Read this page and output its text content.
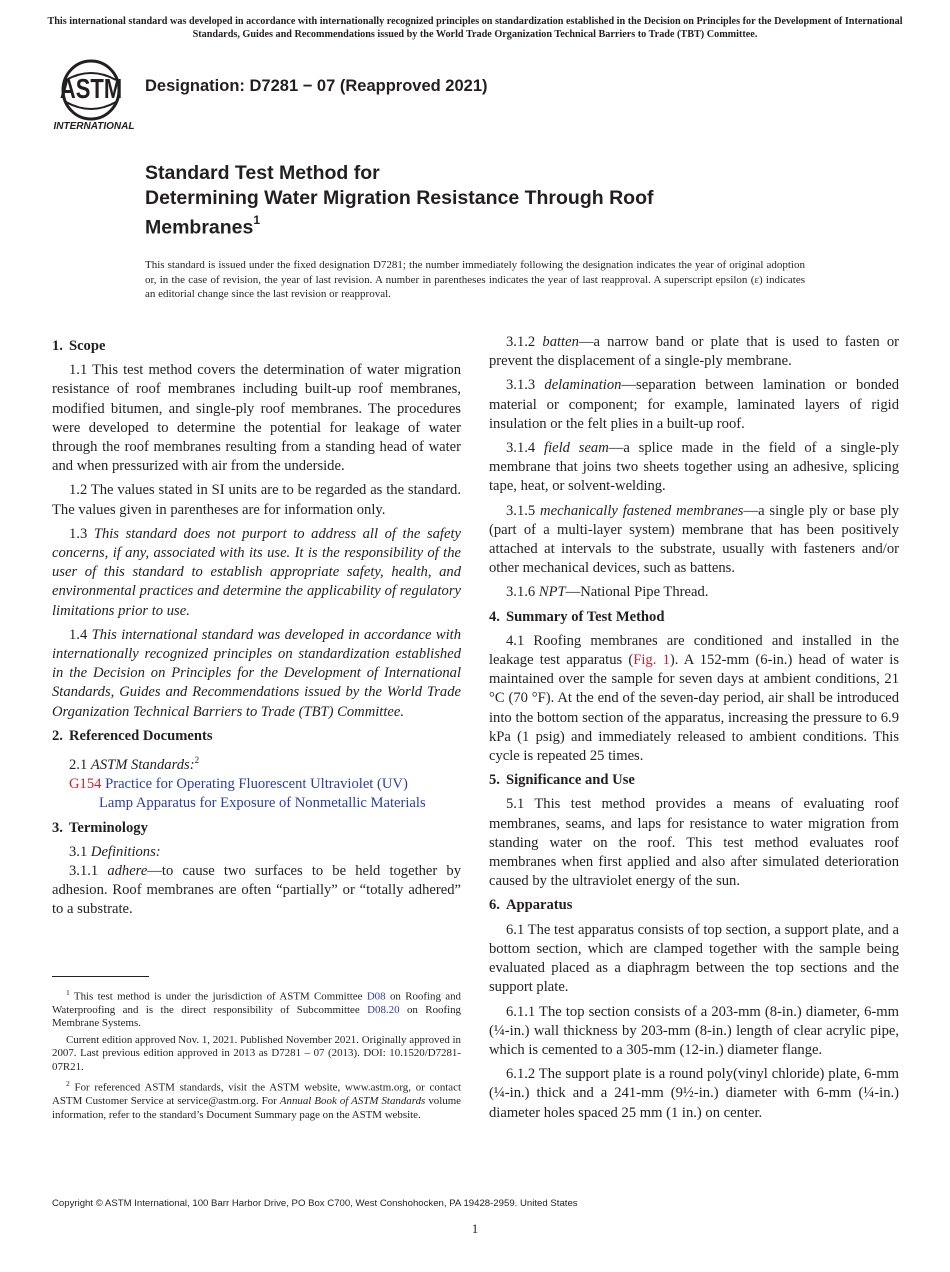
This international standard was developed in accordance with internationally recognized principles on standardization established in the Decision on Principles for the Development of International Standards, Guides and Recommendations issued by the World Trade Organization Technical Barriers to Trade (TBT) Committee.
ASTM
INTERNATIONAL
Designation: D7281 − 07 (Reapproved 2021)
Standard Test Method for
Determining Water Migration Resistance Through Roof
Membranes$^1$
This standard is issued under the fixed designation D7281; the number immediately following the designation indicates the year of original adoption or, in the case of revision, the year of last revision. A number in parentheses indicates the year of last reapproval. A superscript epsilon (ε) indicates an editorial change since the last revision or reapproval.
1. Scope

1.1 This test method covers the determination of water migration resistance of roof membranes including built-up roof membranes, modified bitumen, and single-ply roof membranes. The procedures were developed to determine the potential for leakage of water through the roof membranes resulting from a standing head of water and when pressurized with air from the underside.

1.2 The values stated in SI units are to be regarded as the standard. The values given in parentheses are for information only.

1.3 This standard does not purport to address all of the safety concerns, if any, associated with its use. It is the responsibility of the user of this standard to establish appropriate safety, health, and environmental practices and determine the applicability of regulatory limitations prior to use.

1.4 This international standard was developed in accordance with internationally recognized principles on standardization established in the Decision on Principles for the Development of International Standards, Guides and Recommendations issued by the World Trade Organization Technical Barriers to Trade (TBT) Committee.

2. Referenced Documents

2.1 ASTM Standards:$^2$

G154 Practice for Operating Fluorescent Ultraviolet (UV)
Lamp Apparatus for Exposure of Nonmetallic Materials
3. Terminology

3.1 Definitions:

3.1.1 adhere—to cause two surfaces to be held together by adhesion. Roof membranes are often “partially” or “totally adhered” to a substrate.

$^1$ This test method is under the jurisdiction of ASTM Committee D08 on Roofing and Waterproofing and is the direct responsibility of Subcommittee D08.20 on Roofing Membrane Systems.

Current edition approved Nov. 1, 2021. Published November 2021. Originally approved in 2007. Last previous edition approved in 2013 as D7281 – 07 (2013). DOI: 10.1520/D7281-07R21.

$^2$ For referenced ASTM standards, visit the ASTM website, www.astm.org, or contact ASTM Customer Service at service@astm.org. For Annual Book of ASTM Standards volume information, refer to the standard’s Document Summary page on the ASTM website.

3.1.2 batten—a narrow band or plate that is used to fasten or prevent the displacement of a single-ply membrane.

3.1.3 delamination—separation between lamination or bonded material or component; for example, laminated layers of rigid insulation or the felt plies in a built-up roof.

3.1.4 field seam—a splice made in the field of a single-ply membrane that joins two sheets together using an adhesive, splicing tape, heat, or solvent-welding.

3.1.5 mechanically fastened membranes—a single ply or base ply (part of a multi-layer system) membrane that has been positively attached at intervals to the substrate, usually with fasteners and/or other mechanical devices, such as battens.

3.1.6 NPT—National Pipe Thread.

4. Summary of Test Method

4.1 Roofing membranes are conditioned and installed in the leakage test apparatus (Fig. 1). A 152-mm (6-in.) head of water is maintained over the sample for seven days at ambient conditions, 21 °C (70 °F). At the end of the seven-day period, air shall be introduced into the bottom section of the apparatus, increasing the pressure to 6.9 kPa (1 psig) and immediately released to ambient conditions. This cycle is repeated 25 times.

5. Significance and Use

5.1 This test method provides a means of evaluating roof membranes, seams, and laps for resistance to water migration from standing water on the roof. This test method evaluates roof membranes when first applied and also after simulated deterioration caused by the ultraviolet energy of the sun.

6. Apparatus

6.1 The test apparatus consists of top section, a support plate, and a bottom section, which are clamped together with the sample being evaluated placed as a diaphragm between the top sections and the support plate.

6.1.1 The top section consists of a 203-mm (8-in.) diameter, 6-mm (¼-in.) wall thickness by 203-mm (8-in.) length of clear acrylic pipe, which is cemented to a 305-mm (12-in.) diameter flange.

6.1.2 The support plate is a round poly(vinyl chloride) plate, 6-mm (¼-in.) thick and a 241-mm (9½-in.) diameter with 6-mm (¼-in.) diameter holes spaced 25 mm (1 in.) on center.

Copyright © ASTM International, 100 Barr Harbor Drive, PO Box C700, West Conshohocken, PA 19428-2959. United States
1
